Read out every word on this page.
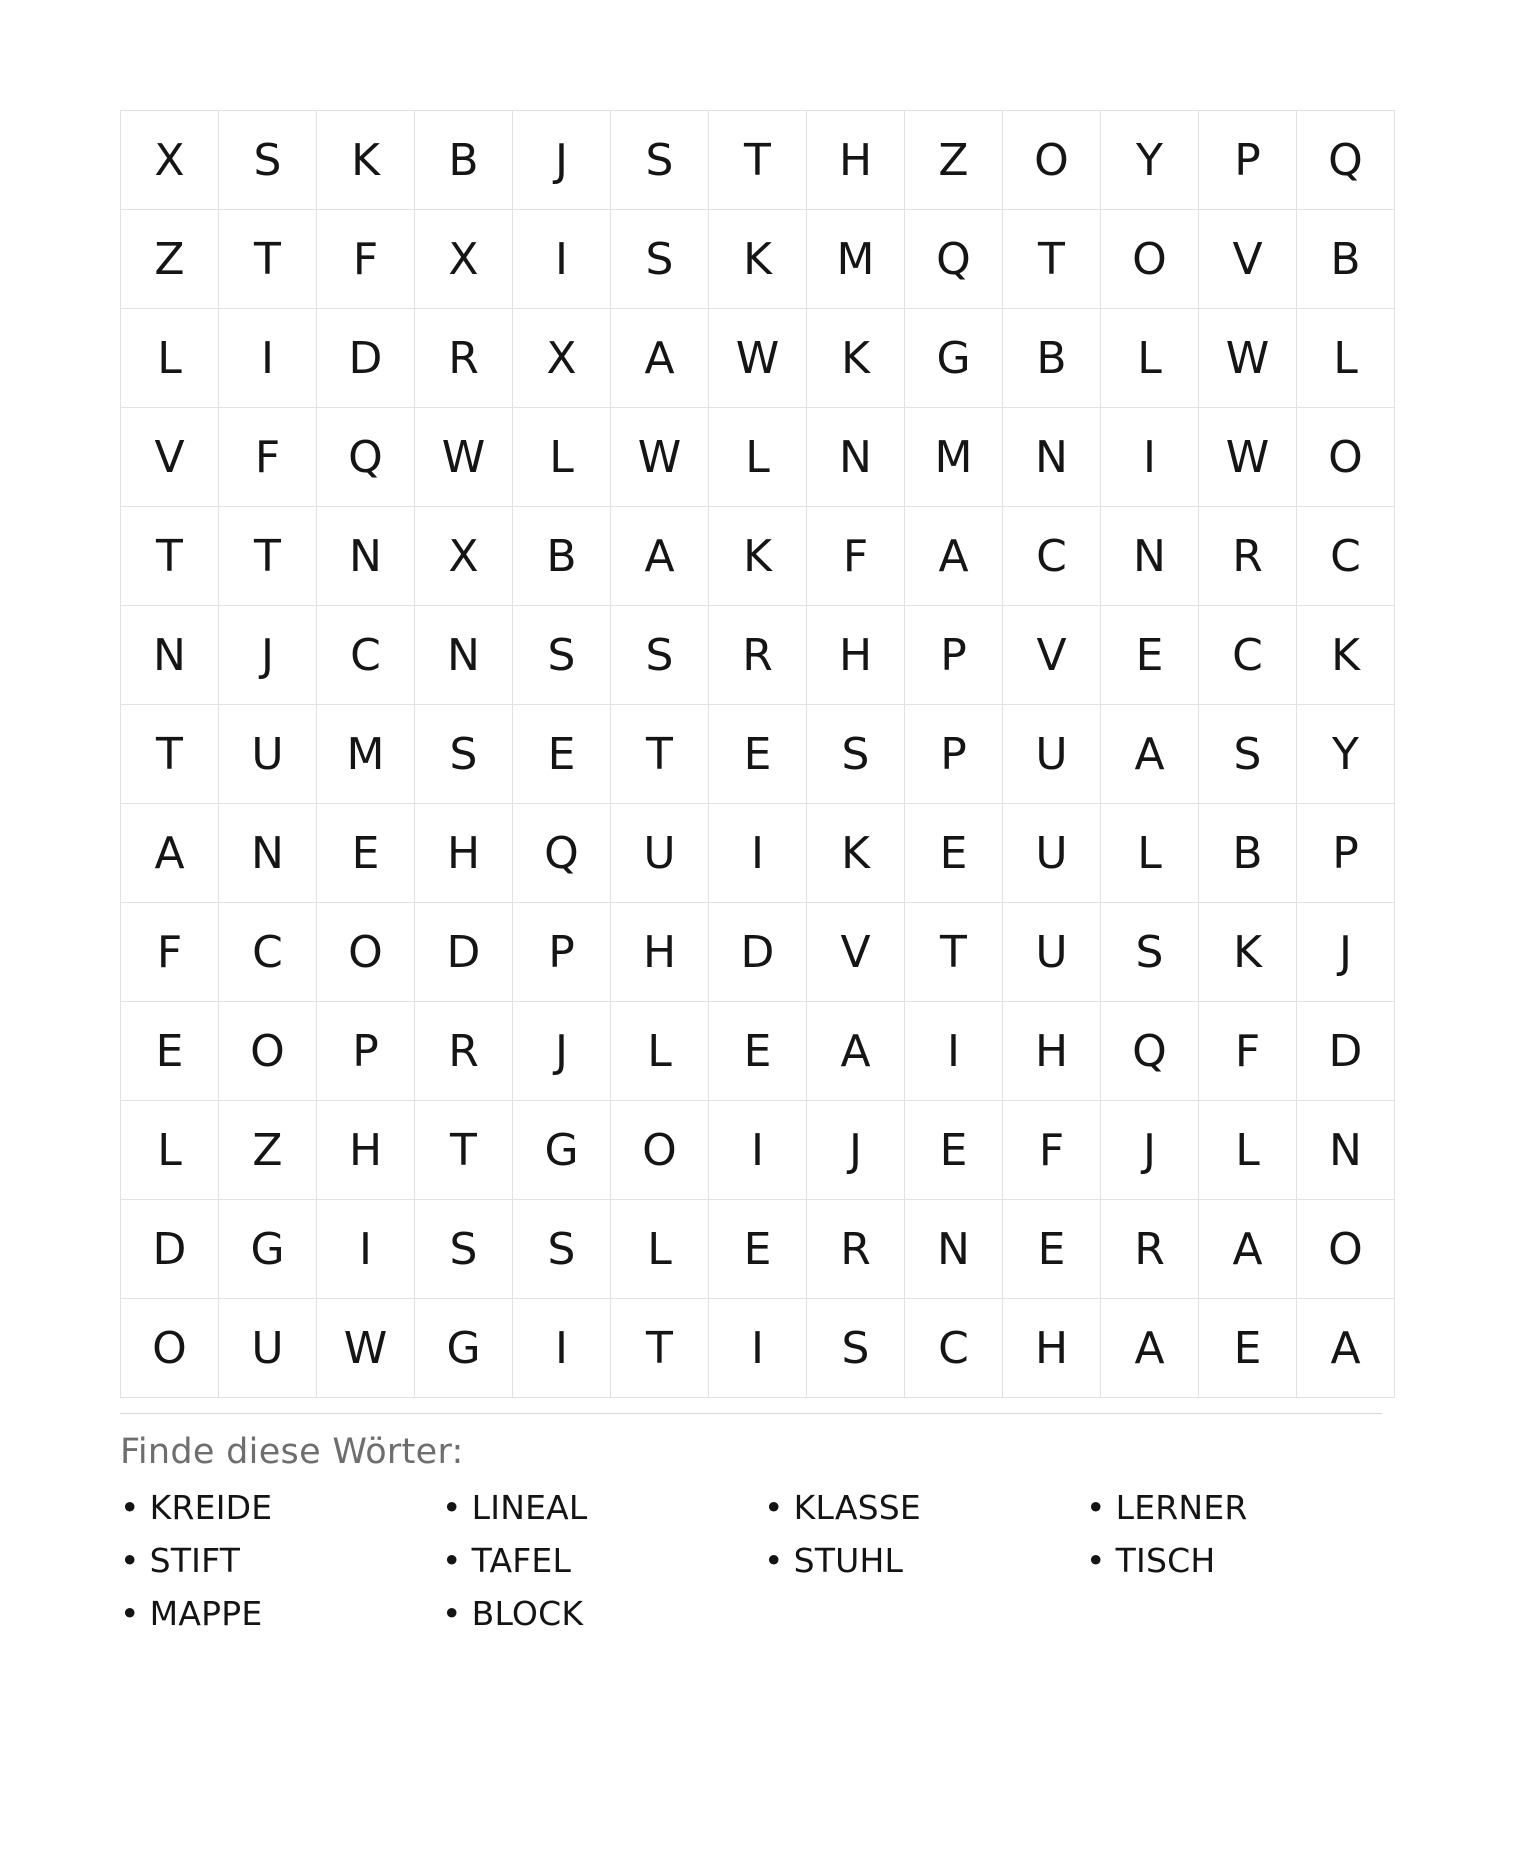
X	S	K	B	J	S	T	H	Z	O	Y	P	Q
Z	T	F	X	I	S	K	M	Q	T	O	V	B
L	I	D	R	X	A	W	K	G	B	L	W	L
V	F	Q	W	L	W	L	N	M	N	I	W	O
T	T	N	X	B	A	K	F	A	C	N	R	C
N	J	C	N	S	S	R	H	P	V	E	C	K
T	U	M	S	E	T	E	S	P	U	A	S	Y
A	N	E	H	Q	U	I	K	E	U	L	B	P
F	C	O	D	P	H	D	V	T	U	S	K	J
E	O	P	R	J	L	E	A	I	H	Q	F	D
L	Z	H	T	G	O	I	J	E	F	J	L	N
D	G	I	S	S	L	E	R	N	E	R	A	O
O	U	W	G	I	T	I	S	C	H	A	E	A
Finde diese Wörter:
• KREIDE	• LINEAL	• KLASSE	• LERNER
• STIFT	• TAFEL	• STUHL	• TISCH
• MAPPE	• BLOCK
